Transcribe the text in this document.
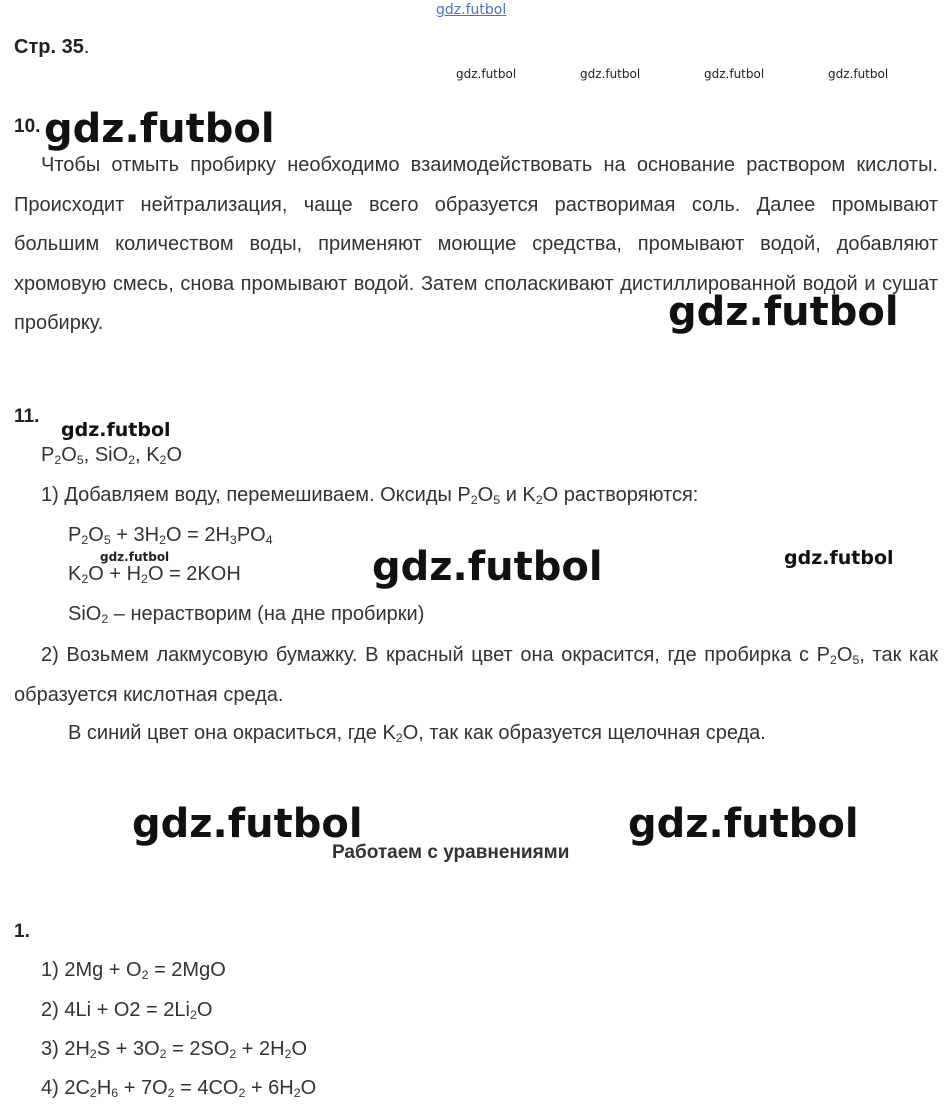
gdz.futbol
Стр. 35.
gdz.futbol	gdz.futbol	gdz.futbol	gdz.futbol
10. gdz.futbol
Чтобы отмыть пробирку необходимо взаимодействовать на основание раствором кислоты. Происходит нейтрализация, чаще всего образуется растворимая соль. Далее промывают большим количеством воды, применяют моющие средства, промывают водой, добавляют хромовую смесь, снова промывают водой. Затем споласкивают дистиллированной водой и сушат пробирку.	gdz.futbol
11.
gdz.futbol
$P_2O_5$, SiO$_2$, $K_2O$
1) Добавляем воду, перемешиваем. Оксиды $P_2O_5$ и $K_2O$ растворяются:
$P_2O_5 + 3H_2O = 2H_3PO_4$
gdz.futbol
$K_2O + H_2O = 2KOH$	gdz.futbol	gdz.futbol
SiO$_2$ – нерастворим (на дне пробирки)
2) Возьмем лакмусовую бумажку. В красный цвет она окрасится, где пробирка с $P_2O_5$, так как образуется кислотная среда.
В синий цвет она окраситься, где $K_2O$, так как образуется щелочная среда.
gdz.futbol
Работаем с уравнениями
gdz.futbol
1.
1) $2Mg + O_2 = 2MgO$
2) $4Li + O2 = 2Li_2O$
3) $2H_2S + 3O_2 = 2SO_2 + 2H_2O$
4) $2C_2H_6 + 7O_2 = 4CO_2 + 6H_2O$
